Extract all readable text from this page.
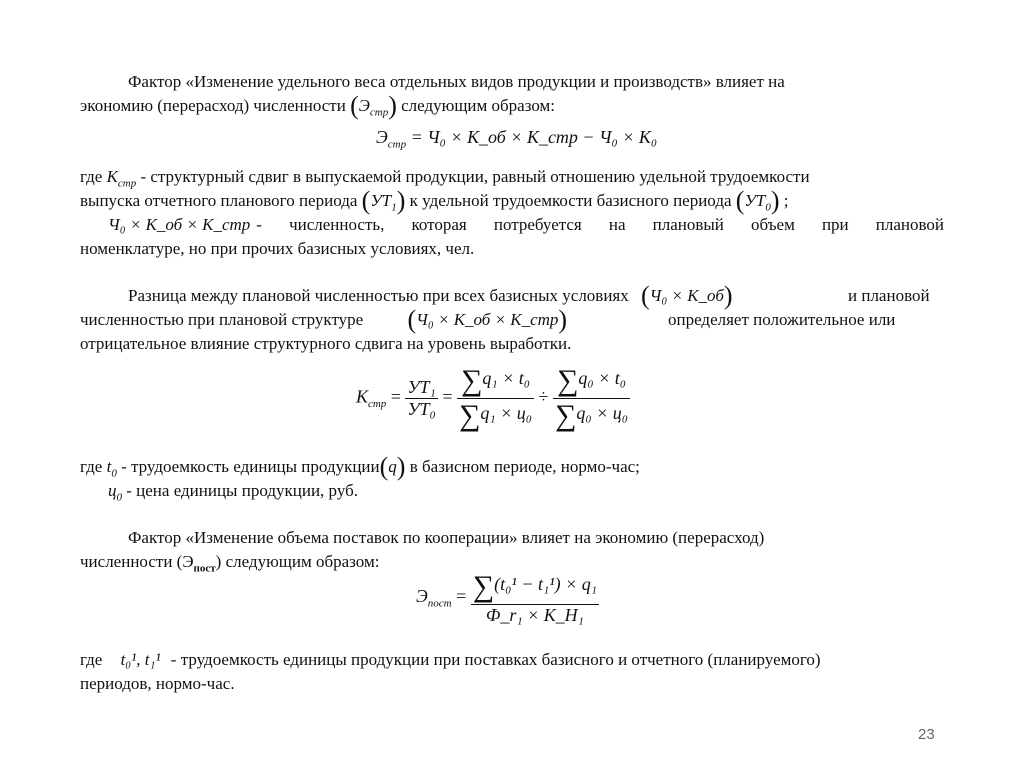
Фактор «Изменение удельного веса отдельных видов продукции и производств» влияет на
экономию (перерасход) численности $(Э_{стр})$ следующим образом:
$Э_{стр} = Ч_0$ × К_об × К_стр − Ч₀ × К₀
где $К_{стр}$ - структурный сдвиг в выпускаемой продукции, равный отношению удельной трудоемкости
выпуска отчетного планового периода $(УТ_1)$ к удельной трудоемкости базисного периода $(УТ_0)$ ;
Ч₀ × К_об × К_стр - численность, которая потребуется на плановый объем при плановой
номенклатуре, но при прочих базисных условиях, чел.
Разница между плановой численностью при всех базисных условиях (Ч₀ × К_об)	и плановой
численностью при плановой структуре (Ч₀ × К_об × К_стр)	определяет положительное или
отрицательное влияние структурного сдвига на уровень выработки.
$К_{стр} = \frac{\text{УТ₁}}{\text{УТ₀}} = \frac{\text{∑q₁ × t₀}}{\text{∑q₁ × ц₀}} \div \frac{\text{∑q₀ × t₀}}{\text{∑q₀ × ц₀}}$
где $t_0$ - трудоемкость единицы продукции(q) в базисном периоде, нормо-час;
$ц_0$ - цена единицы продукции, руб.
Фактор «Изменение объема поставок по кооперации» влияет на экономию (перерасход)
численности $(Э_{пост})$ следующим образом:
$Э_{пост} = \frac{\text{∑(t₀¹ − t₁¹) × q₁}}{\text{Ф\_r₁ × К\_Н₁}}$
где t₀¹, t₁¹ - трудоемкость единицы продукции при поставках базисного и отчетного (планируемого)
периодов, нормо-час.
23
